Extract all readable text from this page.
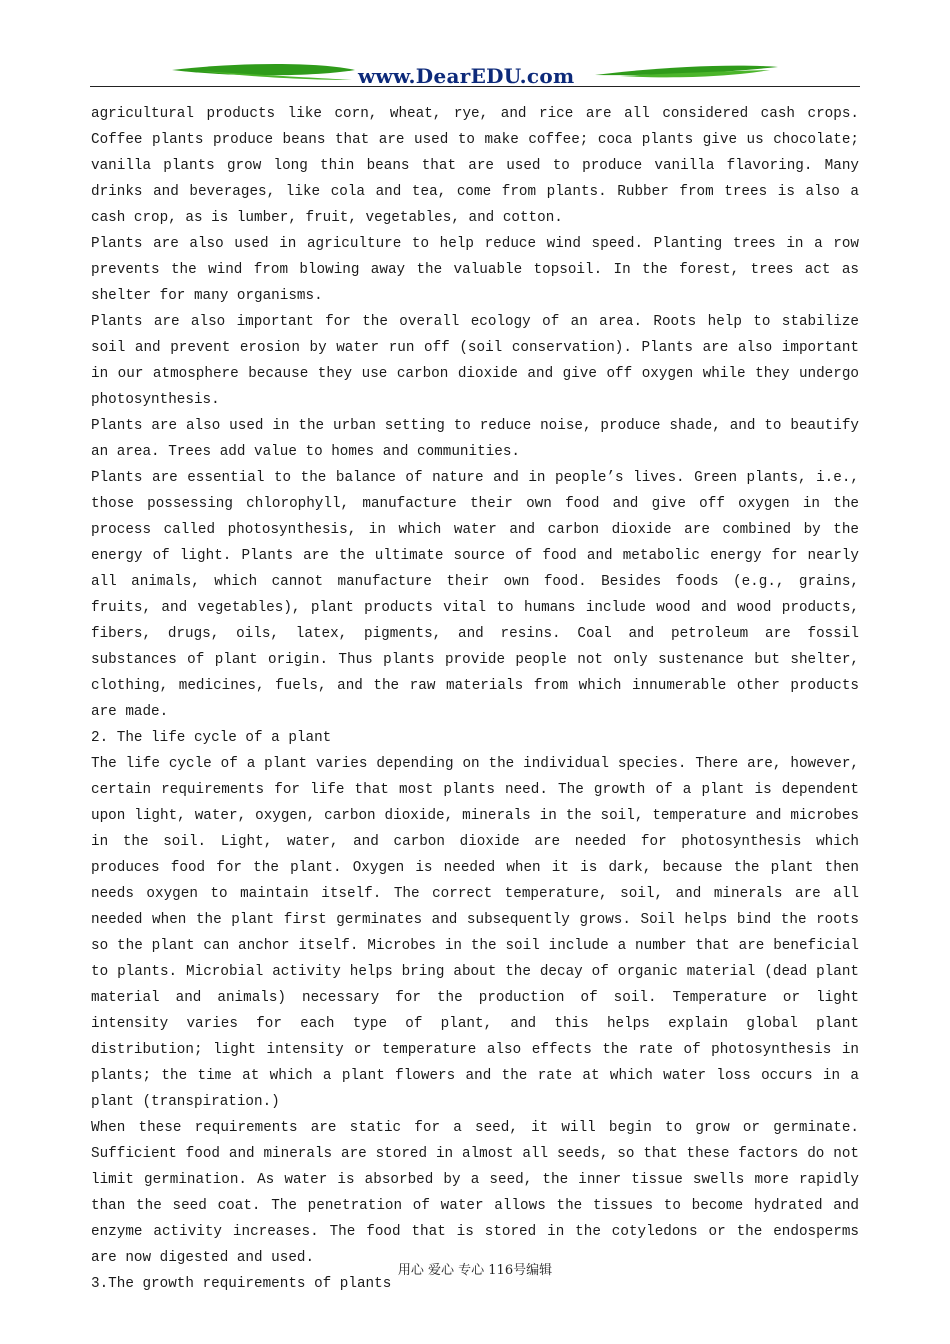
www.DearEDU.com

agricultural products like corn, wheat, rye, and rice are all considered cash crops. Coffee plants produce beans that are used to make coffee; coca plants give us chocolate; vanilla plants grow long thin beans that are used to produce vanilla flavoring. Many drinks and beverages, like cola and tea, come from plants. Rubber from trees is also a cash crop, as is lumber, fruit, vegetables, and cotton.

Plants are also used in agriculture to help reduce wind speed. Planting trees in a row prevents the wind from blowing away the valuable topsoil. In the forest, trees act as shelter for many organisms.

Plants are also important for the overall ecology of an area. Roots help to stabilize soil and prevent erosion by water run off (soil conservation). Plants are also important in our atmosphere because they use carbon dioxide and give off oxygen while they undergo photosynthesis.

Plants are also used in the urban setting to reduce noise, produce shade, and to beautify an area. Trees add value to homes and communities.

Plants are essential to the balance of nature and in people’s lives. Green plants, i.e., those possessing chlorophyll, manufacture their own food and give off oxygen in the process called photosynthesis, in which water and carbon dioxide are combined by the energy of light. Plants are the ultimate source of food and metabolic energy for nearly all animals, which cannot manufacture their own food. Besides foods (e.g., grains, fruits, and vegetables), plant products vital to humans include wood and wood products, fibers, drugs, oils, latex, pigments, and resins. Coal and petroleum are fossil substances of plant origin. Thus plants provide people not only sustenance but shelter, clothing, medicines, fuels, and the raw materials from which innumerable other products are made.

2. The life cycle of a plant

The life cycle of a plant varies depending on the individual species. There are, however, certain requirements for life that most plants need. The growth of a plant is dependent upon light, water, oxygen, carbon dioxide, minerals in the soil, temperature and microbes in the soil. Light, water, and carbon dioxide are needed for photosynthesis which produces food for the plant. Oxygen is needed when it is dark, because the plant then needs oxygen to maintain itself. The correct temperature, soil, and minerals are all needed when the plant first germinates and subsequently grows. Soil helps bind the roots so the plant can anchor itself. Microbes in the soil include a number that are beneficial to plants. Microbial activity helps bring about the decay of organic material (dead plant material and animals) necessary for the production of soil. Temperature or light intensity varies for each type of plant, and this helps explain global plant distribution; light intensity or temperature also effects the rate of photosynthesis in plants; the time at which a plant flowers and the rate at which water loss occurs in a plant (transpiration.)

When these requirements are static for a seed, it will begin to grow or germinate. Sufficient food and minerals are stored in almost all seeds, so that these factors do not limit germination. As water is absorbed by a seed, the inner tissue swells more rapidly than the seed coat. The penetration of water allows the tissues to become hydrated and enzyme activity increases. The food that is stored in the cotyledons or the endosperms are now digested and used.

3.The growth requirements of plants

用心 爱心 专心 116号编辑
